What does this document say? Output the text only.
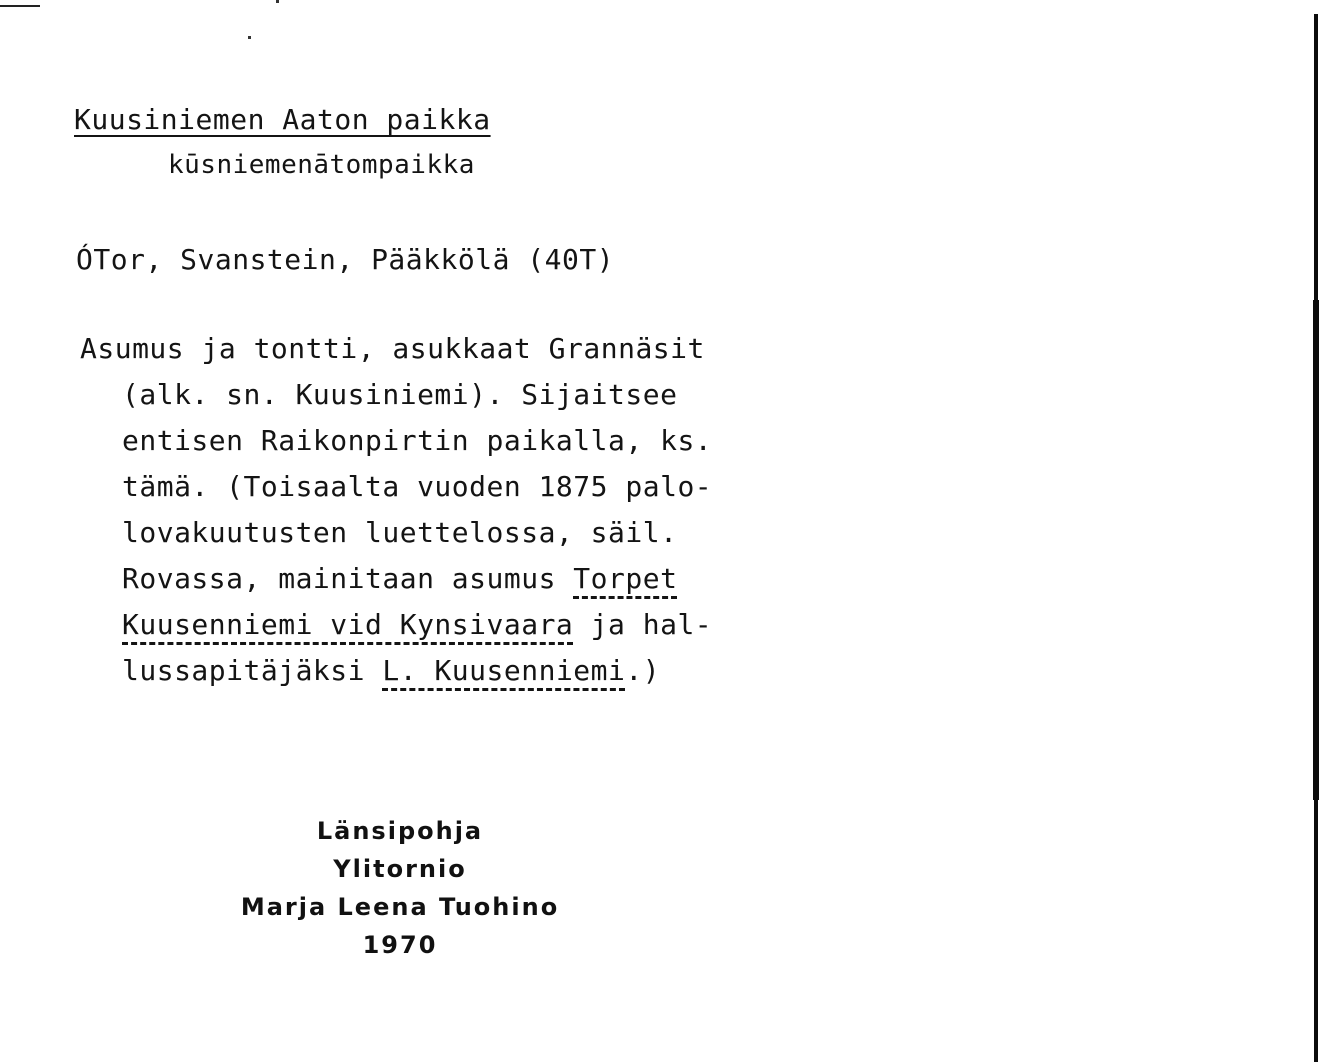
Kuusiniemen Aaton paikka
kūsniemenātompaikka
ÓTor, Svanstein, Pääkkölä (40T)
Asumus ja tontti, asukkaat Grannäsit
(alk. sn. Kuusiniemi). Sijaitsee
entisen Raikonpirtin paikalla, ks.
tämä. (Toisaalta vuoden 1875 palo-
lovakuutusten luettelossa, säil.
Rovassa, mainitaan asumus Torpet
Kuusenniemi vid Kynsivaara ja hal-
lussapitäjäksi L. Kuusenniemi.)
Länsipohja
Ylitornio
Marja Leena Tuohino
1970
